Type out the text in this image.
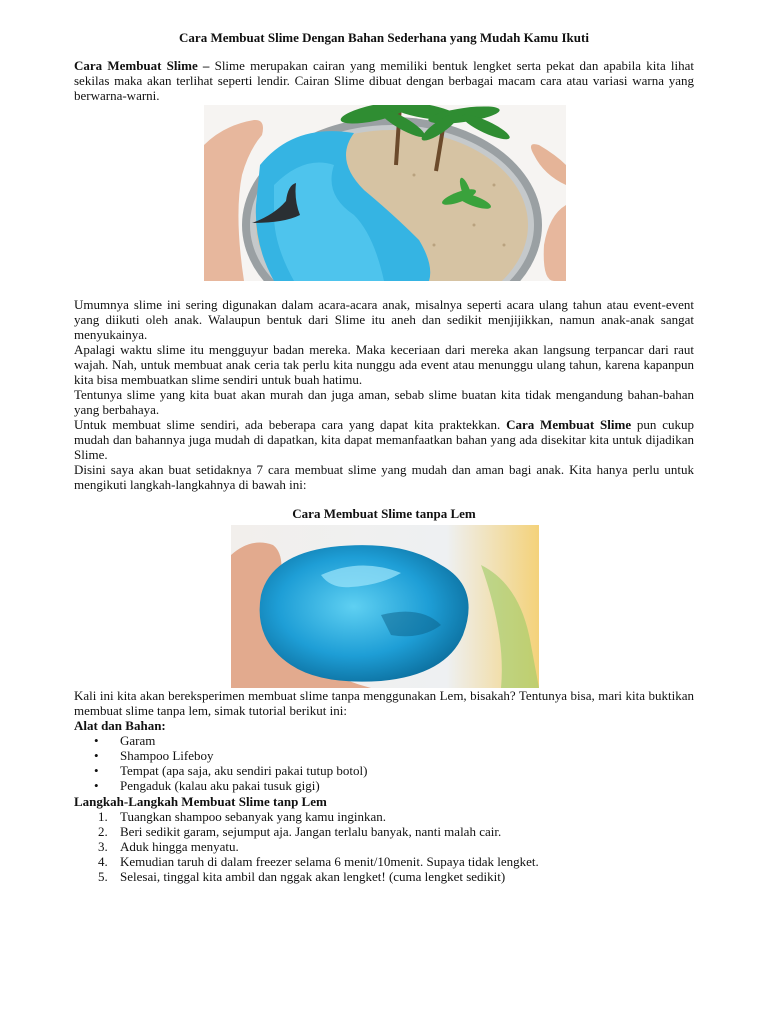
Cara Membuat Slime Dengan Bahan Sederhana yang Mudah Kamu Ikuti

Cara Membuat Slime – Slime merupakan cairan yang memiliki bentuk lengket serta pekat dan apabila kita lihat sekilas maka akan terlihat seperti lendir. Cairan Slime dibuat dengan berbagai macam cara atau variasi warna yang berwarna-warni.

Umumnya slime ini sering digunakan dalam acara-acara anak, misalnya seperti acara ulang tahun atau event-event yang diikuti oleh anak. Walaupun bentuk dari Slime itu aneh dan sedikit menjijikkan, namun anak-anak sangat menyukainya.

Apalagi waktu slime itu mengguyur badan mereka. Maka keceriaan dari mereka akan langsung terpancar dari raut wajah. Nah, untuk membuat anak ceria tak perlu kita nunggu ada event atau menunggu ulang tahun, karena kapanpun kita bisa membuatkan slime sendiri untuk buah hatimu.

Tentunya slime yang kita buat akan murah dan juga aman, sebab slime buatan kita tidak mengandung bahan-bahan yang berbahaya.

Untuk membuat slime sendiri, ada beberapa cara yang dapat kita praktekkan. Cara Membuat Slime pun cukup mudah dan bahannya juga mudah di dapatkan, kita dapat memanfaatkan bahan yang ada disekitar kita untuk dijadikan Slime.

Disini saya akan buat setidaknya 7 cara membuat slime yang mudah dan aman bagi anak. Kita hanya perlu untuk mengikuti langkah-langkahnya di bawah ini:

Cara Membuat Slime tanpa Lem

Kali ini kita akan bereksperimen membuat slime tanpa menggunakan Lem, bisakah? Tentunya bisa, mari kita buktikan membuat slime tanpa lem, simak tutorial berikut ini:

Alat dan Bahan:

• Garam
• Shampoo Lifeboy
• Tempat (apa saja, aku sendiri pakai tutup botol)
• Pengaduk (kalau aku pakai tusuk gigi)

Langkah-Langkah Membuat Slime tanp Lem

1. Tuangkan shampoo sebanyak yang kamu inginkan.
2. Beri sedikit garam, sejumput aja. Jangan terlalu banyak, nanti malah cair.
3. Aduk hingga menyatu.
4. Kemudian taruh di dalam freezer selama 6 menit/10menit. Supaya tidak lengket.
5. Selesai, tinggal kita ambil dan nggak akan lengket! (cuma lengket sedikit)
